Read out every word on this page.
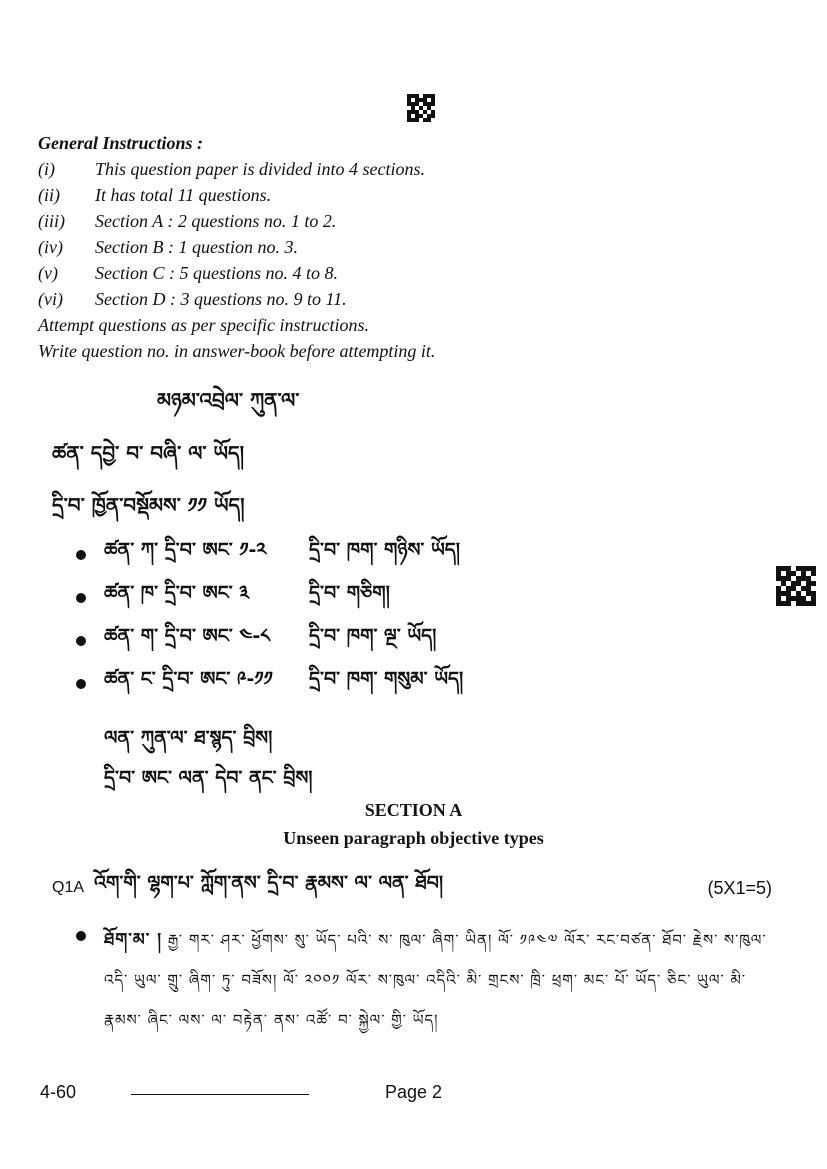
General Instructions :
(i)	This question paper is divided into 4 sections.
(ii)	It has total 11 questions.
(iii)	Section A : 2 questions no. 1 to 2.
(iv)	Section B : 1 question no. 3.
(v)	Section C : 5 questions no. 4 to 8.
(vi)	Section D : 3 questions no. 9 to 11.
Attempt questions as per specific instructions.
Write question no. in answer-book before attempting it.
མཉམ་འབྲེལ་ ཀུན་ལ་
ཚན་ དབྱེ་ བ་ བཞི་ ལ་ ཡོད།
དྲི་བ་ ཁྱོན་བསྡོམས་ ༡༡ ཡོད།
ཚན་ ཀ་ དྲི་བ་ ཨང་ ༡-༢	དྲི་བ་ ཁག་ གཉིས་ ཡོད།
ཚན་ ཁ་ དྲི་བ་ ཨང་ ༣	དྲི་བ་ གཅིག།
ཚན་ ག་ དྲི་བ་ ཨང་ ༤-༨	དྲི་བ་ ཁག་ ལྔ་ ཡོད།
ཚན་ ང་ དྲི་བ་ ཨང་ ༩-༡༡	དྲི་བ་ ཁག་ གསུམ་ ཡོད།
ལན་ ཀུན་ལ་ ཐ་སྙད་ བྲིས།
དྲི་བ་ ཨང་ ལན་ དེབ་ ནང་ བྲིས།
SECTION A
Unseen paragraph objective types
Q1A འོག་གི་ ལྷག་པ་ ཀློག་ནས་ དྲི་བ་ རྣམས་ ལ་ ལན་ ཐོབ།	(5X1=5)
ཐོག་མ་ ། རྒྱ་ གར་ ཤར་ ཕྱོགས་ སུ་ ཡོད་ པའི་ ས་ ཁུལ་ ཞིག་ ཡིན། ལོ་ ༡༩༤༧ ལོར་ རང་བཙན་ ཐོབ་ རྗེས་ ས་ཁུལ་ འདི་ ཡུལ་ གྲུ་ ཞིག་ ཏུ་ བཟོས། ལོ་ ༢༠༠༡ ལོར་ ས་ཁུལ་ འདིའི་ མི་ གྲངས་ ཁྲི་ ཕྲག་ མང་ པོ་ ཡོད་ ཅིང་ ཡུལ་ མི་ རྣམས་ ཞིང་ ལས་ ལ་ བརྟེན་ ནས་ འཚོ་ བ་ སྐྱེལ་ གྱི་ ཡོད།
4-60	Page 2
